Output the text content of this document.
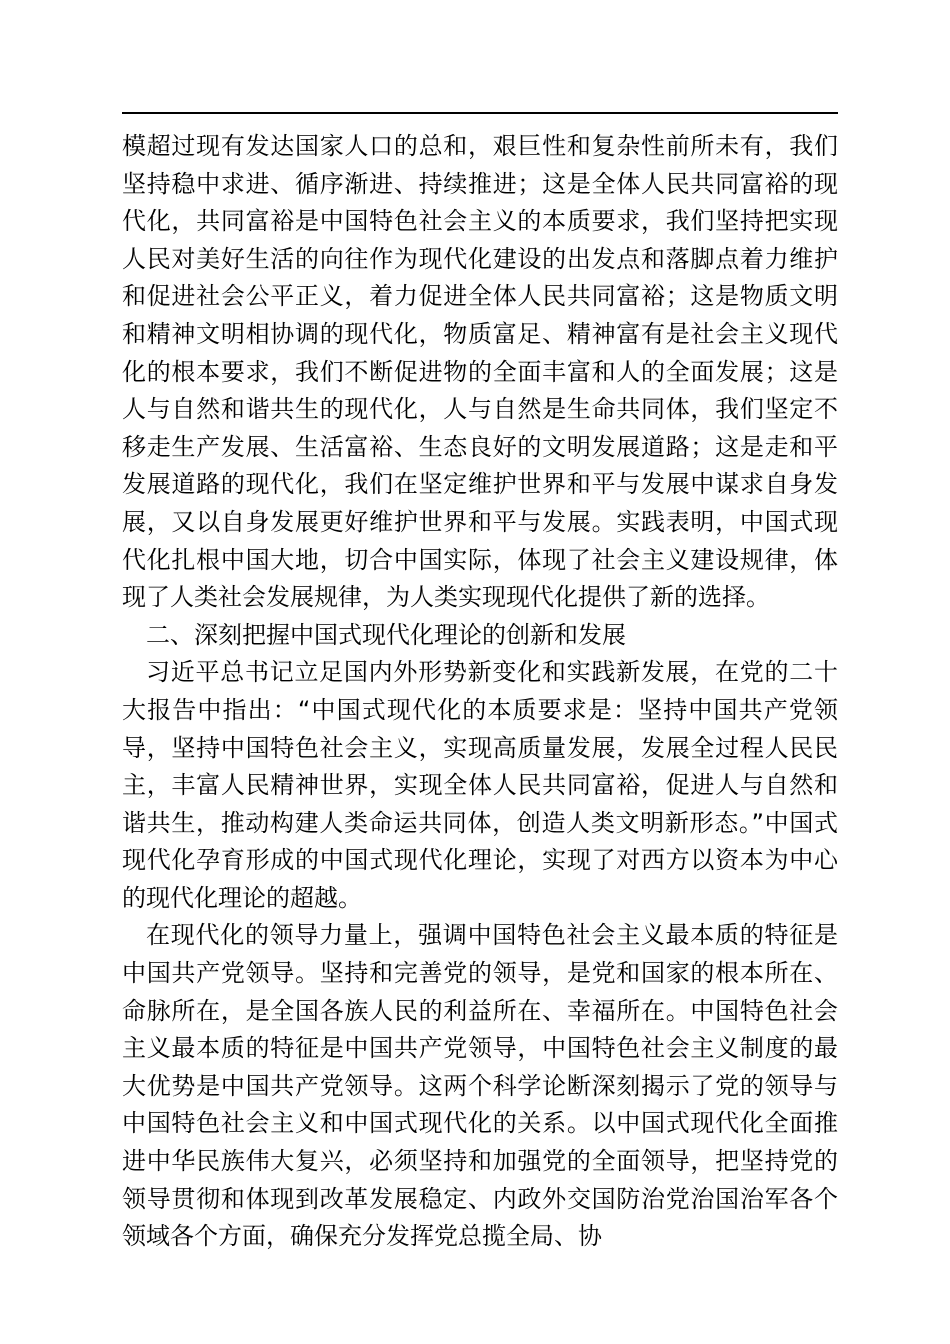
模超过现有发达国家人口的总和，艰巨性和复杂性前所未有，我们坚持稳中求进、循序渐进、持续推进；这是全体人民共同富裕的现代化，共同富裕是中国特色社会主义的本质要求，我们坚持把实现人民对美好生活的向往作为现代化建设的出发点和落脚点着力维护和促进社会公平正义，着力促进全体人民共同富裕；这是物质文明和精神文明相协调的现代化，物质富足、精神富有是社会主义现代化的根本要求，我们不断促进物的全面丰富和人的全面发展；这是人与自然和谐共生的现代化，人与自然是生命共同体，我们坚定不移走生产发展、生活富裕、生态良好的文明发展道路；这是走和平发展道路的现代化，我们在坚定维护世界和平与发展中谋求自身发展，又以自身发展更好维护世界和平与发展。实践表明，中国式现代化扎根中国大地，切合中国实际，体现了社会主义建设规律，体现了人类社会发展规律，为人类实现现代化提供了新的选择。

二、深刻把握中国式现代化理论的创新和发展

习近平总书记立足国内外形势新变化和实践新发展，在党的二十大报告中指出：“中国式现代化的本质要求是：坚持中国共产党领导，坚持中国特色社会主义，实现高质量发展，发展全过程人民民主，丰富人民精神世界，实现全体人民共同富裕，促进人与自然和谐共生，推动构建人类命运共同体，创造人类文明新形态。”中国式现代化孕育形成的中国式现代化理论，实现了对西方以资本为中心的现代化理论的超越。

在现代化的领导力量上，强调中国特色社会主义最本质的特征是中国共产党领导。坚持和完善党的领导，是党和国家的根本所在、命脉所在，是全国各族人民的利益所在、幸福所在。中国特色社会主义最本质的特征是中国共产党领导，中国特色社会主义制度的最大优势是中国共产党领导。这两个科学论断深刻揭示了党的领导与中国特色社会主义和中国式现代化的关系。以中国式现代化全面推进中华民族伟大复兴，必须坚持和加强党的全面领导，把坚持党的领导贯彻和体现到改革发展稳定、内政外交国防治党治国治军各个领域各个方面，确保充分发挥党总揽全局、协
